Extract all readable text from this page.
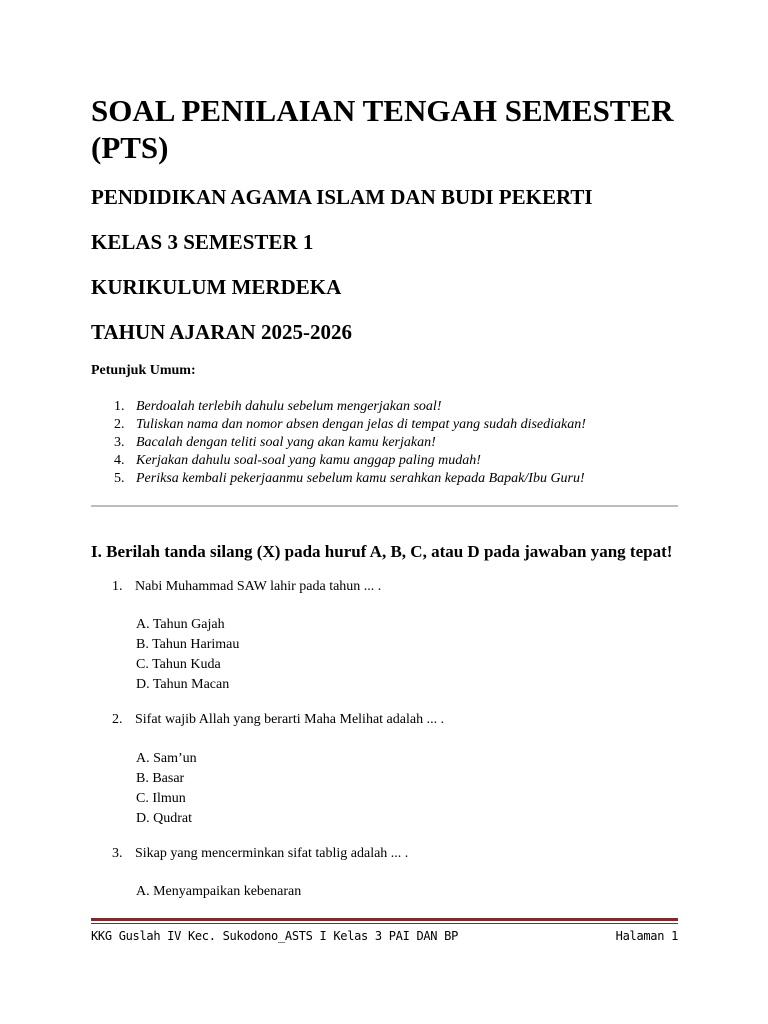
SOAL PENILAIAN TENGAH SEMESTER (PTS)
PENDIDIKAN AGAMA ISLAM DAN BUDI PEKERTI
KELAS 3 SEMESTER 1
KURIKULUM MERDEKA
TAHUN AJARAN 2025-2026
Petunjuk Umum:
1. Berdoalah terlebih dahulu sebelum mengerjakan soal!
2. Tuliskan nama dan nomor absen dengan jelas di tempat yang sudah disediakan!
3. Bacalah dengan teliti soal yang akan kamu kerjakan!
4. Kerjakan dahulu soal-soal yang kamu anggap paling mudah!
5. Periksa kembali pekerjaanmu sebelum kamu serahkan kepada Bapak/Ibu Guru!
I. Berilah tanda silang (X) pada huruf A, B, C, atau D pada jawaban yang tepat!
1. Nabi Muhammad SAW lahir pada tahun ... .
A. Tahun Gajah
B. Tahun Harimau
C. Tahun Kuda
D. Tahun Macan
2. Sifat wajib Allah yang berarti Maha Melihat adalah ... .
A. Sam’un
B. Basar
C. Ilmun
D. Qudrat
3. Sikap yang mencerminkan sifat tablig adalah ... .
A. Menyampaikan kebenaran
KKG Guslah IV Kec. Sukodono_ASTS I Kelas 3 PAI DAN BP	Halaman 1
